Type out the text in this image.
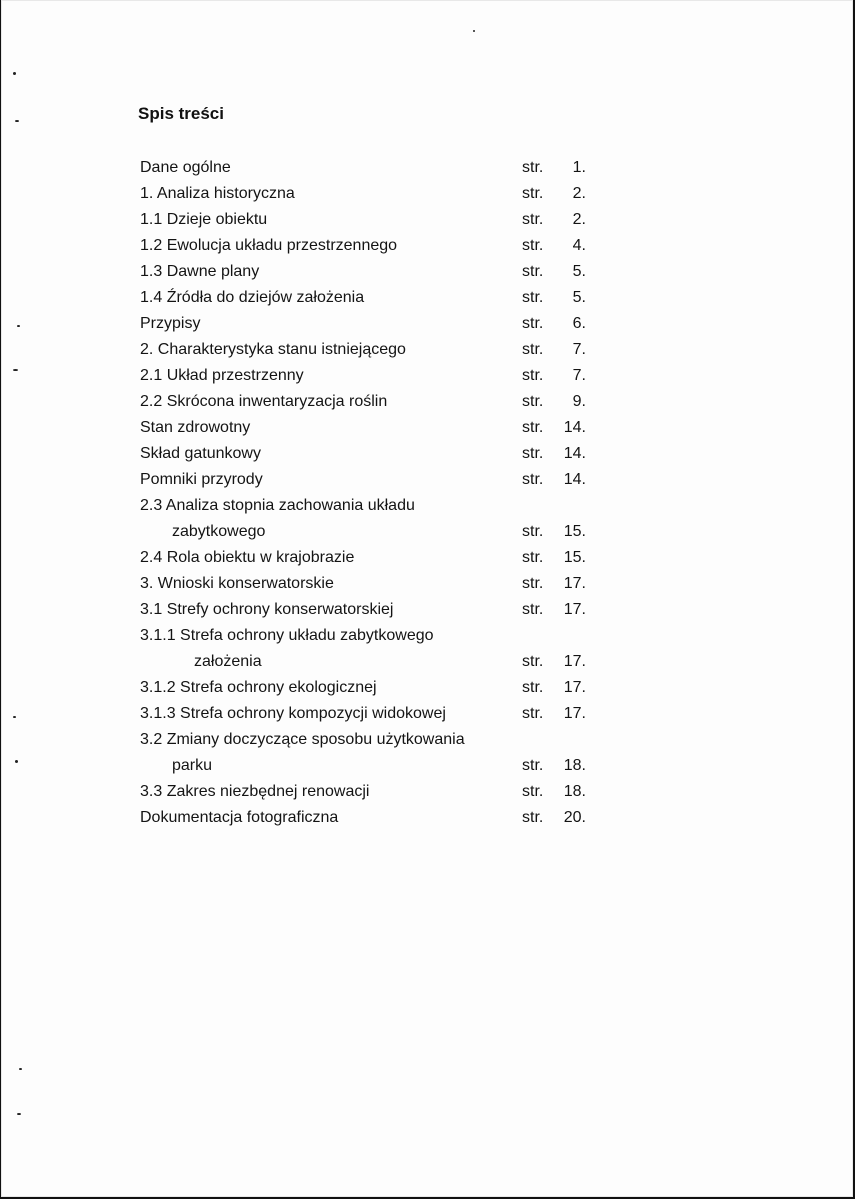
Spis treści
Dane ogólne	str. 1.
1. Analiza historyczna	str. 2.
1.1 Dzieje obiektu	str. 2.
1.2 Ewolucja układu przestrzennego	str. 4.
1.3 Dawne plany	str. 5.
1.4 Źródła do dziejów założenia	str. 5.
Przypisy	str. 6.
2. Charakterystyka stanu istniejącego	str. 7.
2.1 Układ przestrzenny	str. 7.
2.2 Skrócona inwentaryzacja roślin	str. 9.
Stan zdrowotny	str. 14.
Skład gatunkowy	str. 14.
Pomniki przyrody	str. 14.
2.3 Analiza stopnia zachowania układu
zabytkowego	str. 15.
2.4 Rola obiektu w krajobrazie	str. 15.
3. Wnioski konserwatorskie	str. 17.
3.1 Strefy ochrony konserwatorskiej	str. 17.
3.1.1 Strefa ochrony układu zabytkowego
założenia	str. 17.
3.1.2 Strefa ochrony ekologicznej	str. 17.
3.1.3 Strefa ochrony kompozycji widokowej	str. 17.
3.2 Zmiany doczyczące sposobu użytkowania
parku	str. 18.
3.3 Zakres niezbędnej renowacji	str. 18.
Dokumentacja fotograficzna	str. 20.
